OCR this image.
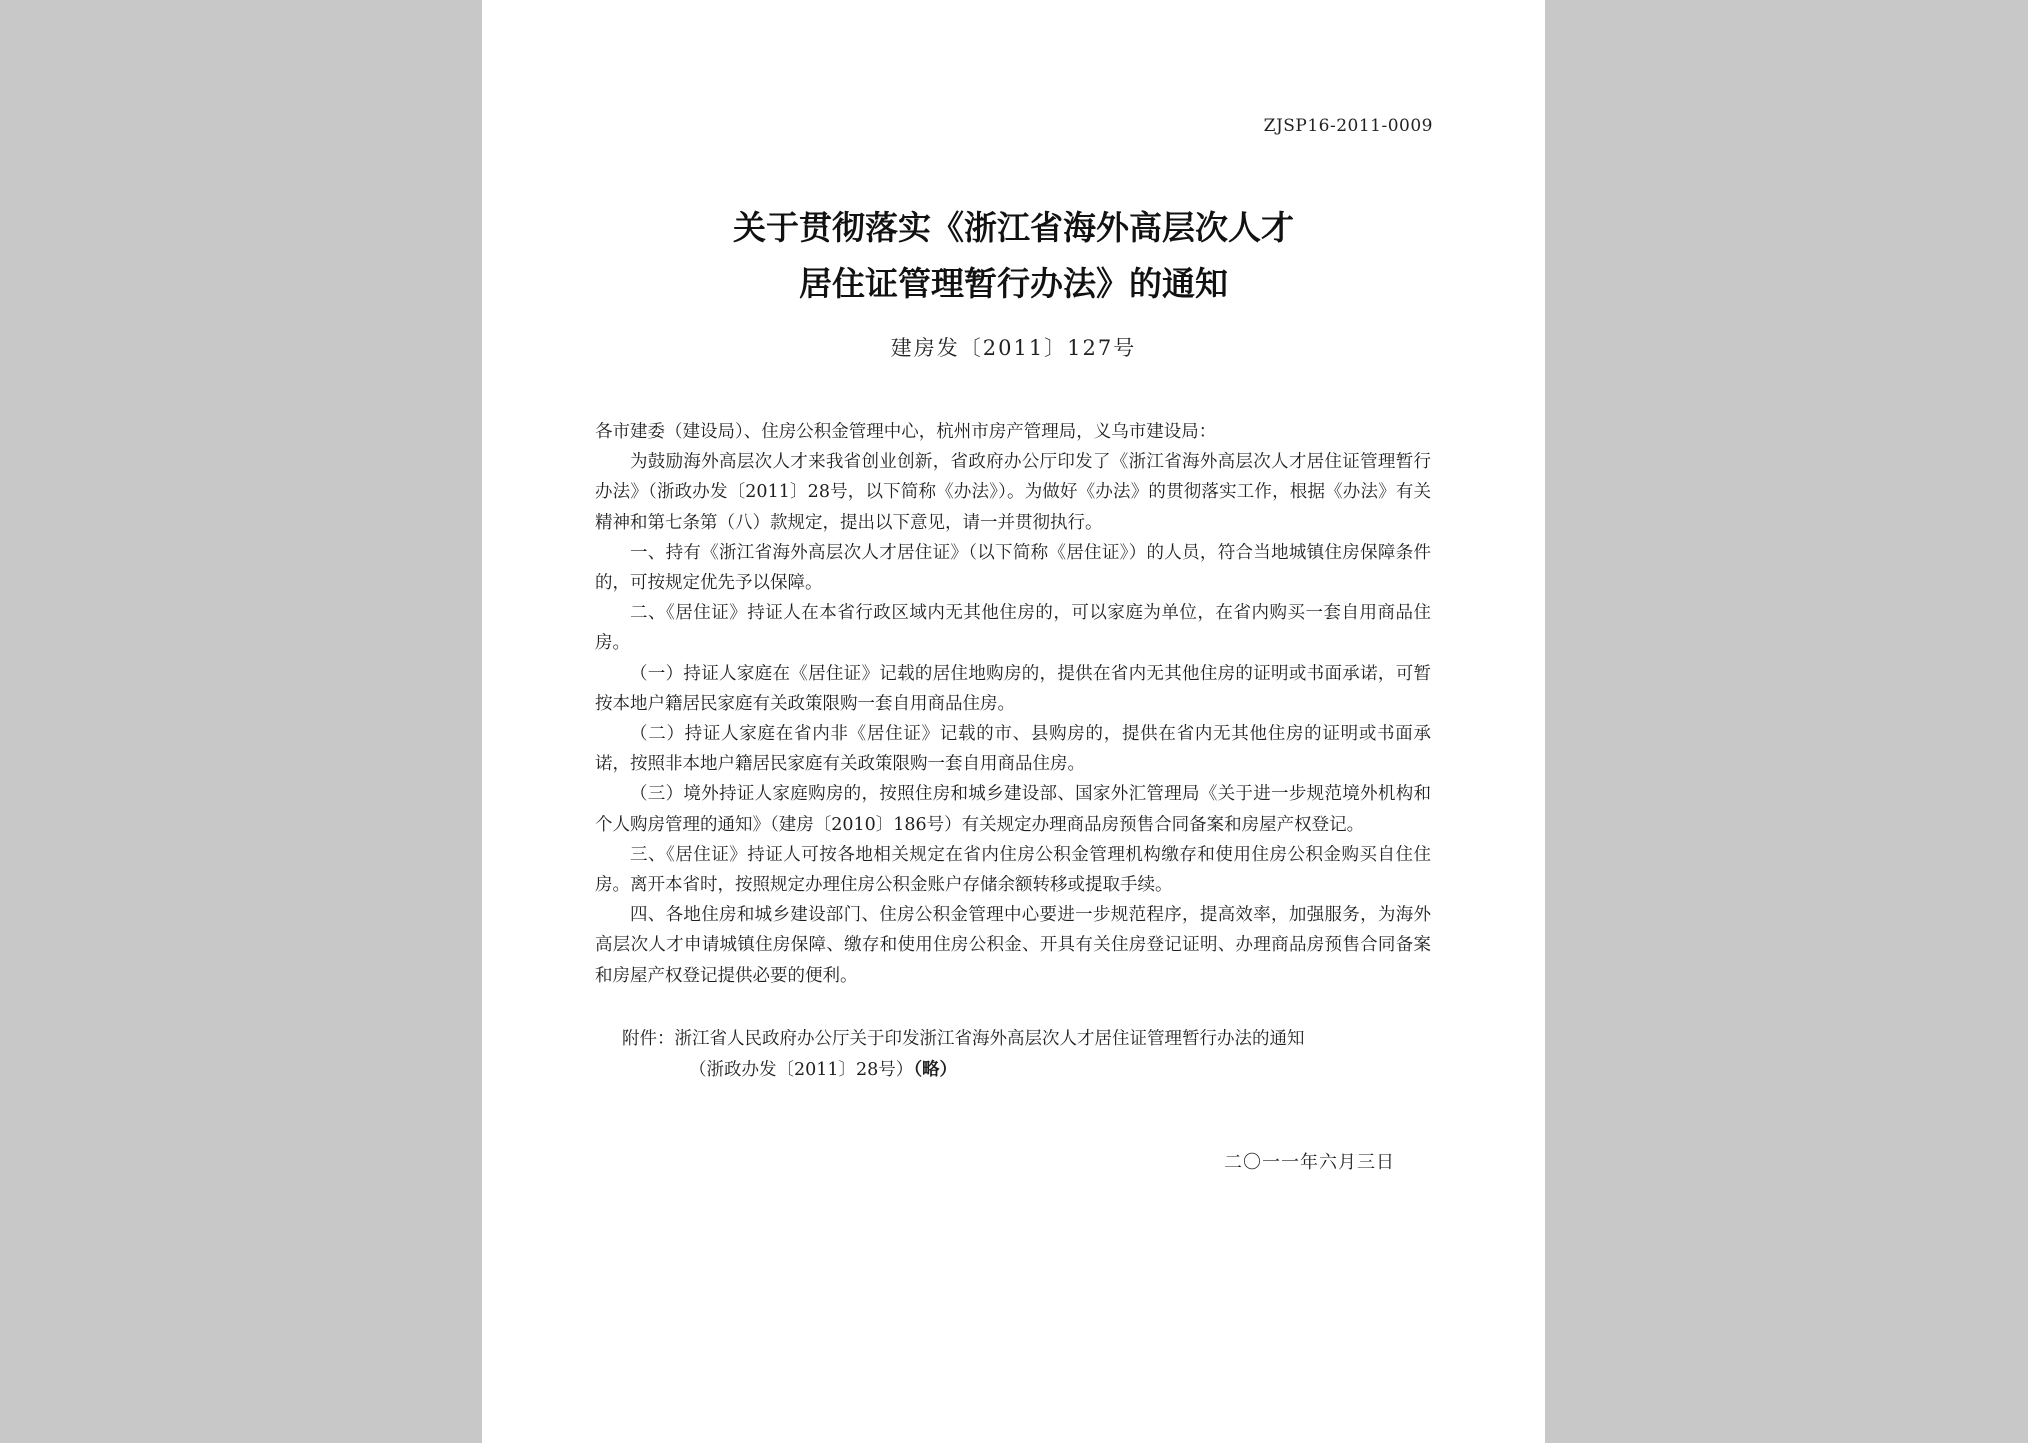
ZJSP16-2011-0009
关于贯彻落实《浙江省海外高层次人才
居住证管理暂行办法》的通知
建房发〔2011〕127号

各市建委（建设局）、住房公积金管理中心，杭州市房产管理局，义乌市建设局：

为鼓励海外高层次人才来我省创业创新，省政府办公厅印发了《浙江省海外高层次人才居住证管理暂行办法》（浙政办发〔2011〕28号，以下简称《办法》）。为做好《办法》的贯彻落实工作，根据《办法》有关精神和第七条第（八）款规定，提出以下意见，请一并贯彻执行。

一、持有《浙江省海外高层次人才居住证》（以下简称《居住证》）的人员，符合当地城镇住房保障条件的，可按规定优先予以保障。

二、《居住证》持证人在本省行政区域内无其他住房的，可以家庭为单位，在省内购买一套自用商品住房。

（一）持证人家庭在《居住证》记载的居住地购房的，提供在省内无其他住房的证明或书面承诺，可暂按本地户籍居民家庭有关政策限购一套自用商品住房。

（二）持证人家庭在省内非《居住证》记载的市、县购房的，提供在省内无其他住房的证明或书面承诺，按照非本地户籍居民家庭有关政策限购一套自用商品住房。

（三）境外持证人家庭购房的，按照住房和城乡建设部、国家外汇管理局《关于进一步规范境外机构和个人购房管理的通知》（建房〔2010〕186号）有关规定办理商品房预售合同备案和房屋产权登记。

三、《居住证》持证人可按各地相关规定在省内住房公积金管理机构缴存和使用住房公积金购买自住住房。离开本省时，按照规定办理住房公积金账户存储余额转移或提取手续。

四、各地住房和城乡建设部门、住房公积金管理中心要进一步规范程序，提高效率，加强服务，为海外高层次人才申请城镇住房保障、缴存和使用住房公积金、开具有关住房登记证明、办理商品房预售合同备案和房屋产权登记提供必要的便利。

附件：浙江省人民政府办公厅关于印发浙江省海外高层次人才居住证管理暂行办法的通知
（浙政办发〔2011〕28号）（略）
二〇一一年六月三日
